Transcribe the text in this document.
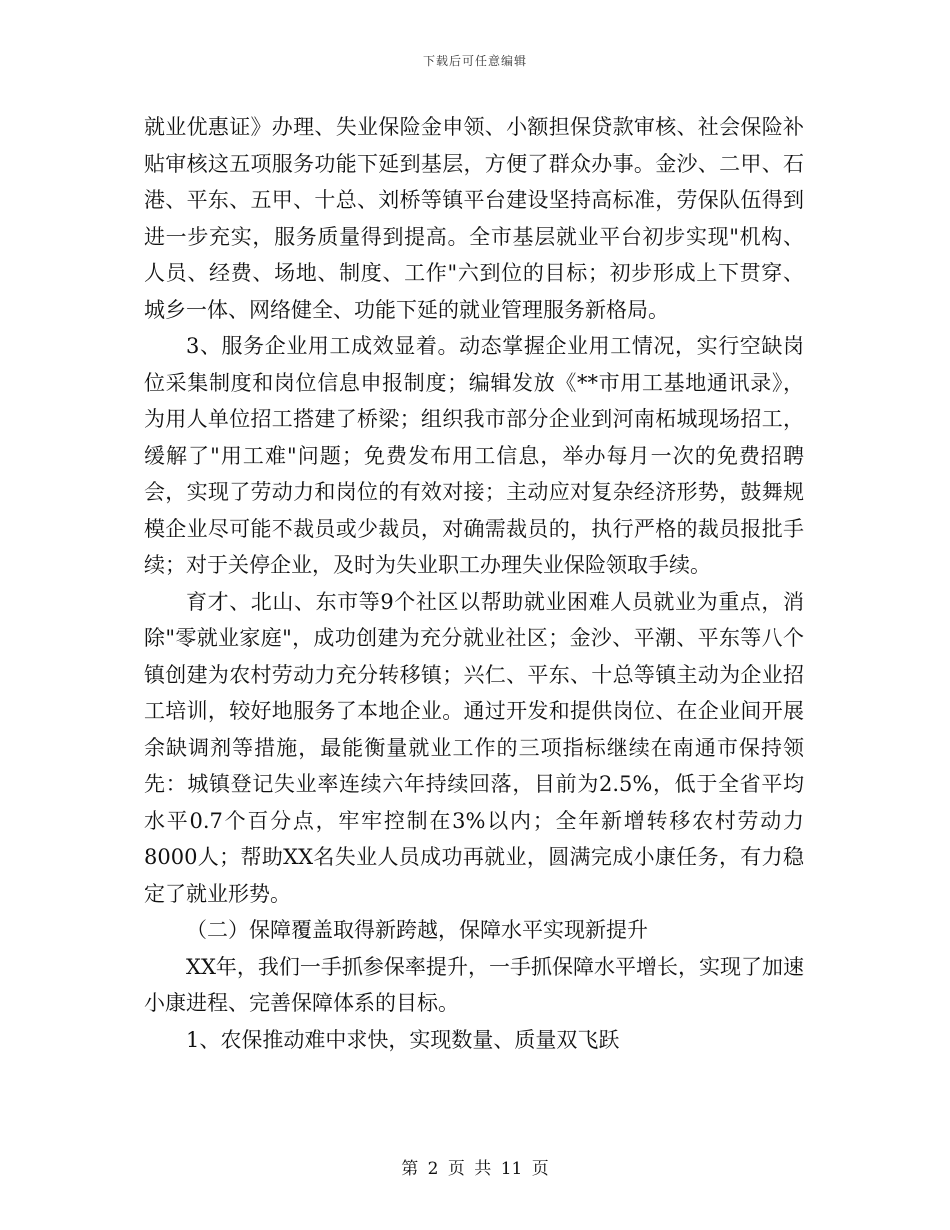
下载后可任意编辑

就业优惠证》办理、失业保险金申领、小额担保贷款审核、社会保险补贴审核这五项服务功能下延到基层，方便了群众办事。金沙、二甲、石港、平东、五甲、十总、刘桥等镇平台建设坚持高标准，劳保队伍得到进一步充实，服务质量得到提高。全市基层就业平台初步实现"机构、人员、经费、场地、制度、工作"六到位的目标；初步形成上下贯穿、城乡一体、网络健全、功能下延的就业管理服务新格局。

3、服务企业用工成效显着。动态掌握企业用工情况，实行空缺岗位采集制度和岗位信息申报制度；编辑发放《**市用工基地通讯录》，为用人单位招工搭建了桥梁；组织我市部分企业到河南柘城现场招工，缓解了"用工难"问题；免费发布用工信息，举办每月一次的免费招聘会，实现了劳动力和岗位的有效对接；主动应对复杂经济形势，鼓舞规模企业尽可能不裁员或少裁员，对确需裁员的，执行严格的裁员报批手续；对于关停企业，及时为失业职工办理失业保险领取手续。

育才、北山、东市等9个社区以帮助就业困难人员就业为重点，消除"零就业家庭"，成功创建为充分就业社区；金沙、平潮、平东等八个镇创建为农村劳动力充分转移镇；兴仁、平东、十总等镇主动为企业招工培训，较好地服务了本地企业。通过开发和提供岗位、在企业间开展余缺调剂等措施，最能衡量就业工作的三项指标继续在南通市保持领先：城镇登记失业率连续六年持续回落，目前为2.5%，低于全省平均水平0.7个百分点，牢牢控制在3%以内；全年新增转移农村劳动力8000人；帮助XX名失业人员成功再就业，圆满完成小康任务，有力稳定了就业形势。

（二）保障覆盖取得新跨越，保障水平实现新提升

XX年，我们一手抓参保率提升，一手抓保障水平增长，实现了加速小康进程、完善保障体系的目标。

1、农保推动难中求快，实现数量、质量双飞跃

第 2 页 共 11 页
